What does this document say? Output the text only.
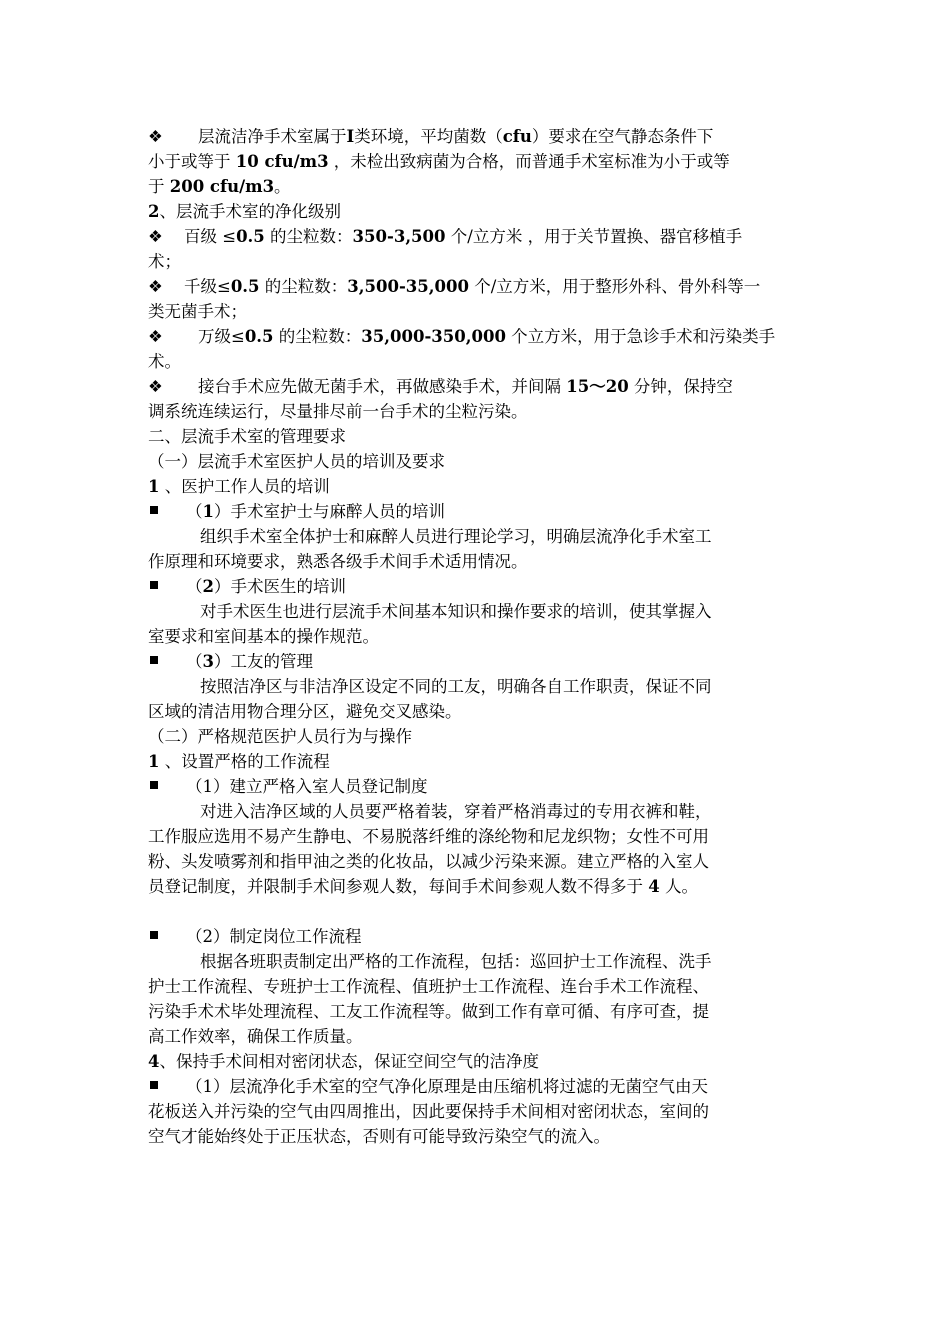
❖ 层流洁净手术室属于I类环境，平均菌数（cfu）要求在空气静态条件下

小于或等于 10 cfu/m3 ，未检出致病菌为合格，而普通手术室标准为小于或等

于 200 cfu/m3。

2、层流手术室的净化级别

❖ 百级 ≤0.5 的尘粒数：350-3,500 个/立方米 ，用于关节置换、器官移植手

术；

❖ 千级≤0.5 的尘粒数：3,500-35,000 个/立方米，用于整形外科、骨外科等一

类无菌手术；

❖ 万级≤0.5 的尘粒数：35,000-350,000 个立方米，用于急诊手术和污染类手

术。

❖ 接台手术应先做无菌手术，再做感染手术，并间隔 15～20 分钟，保持空

调系统连续运行，尽量排尽前一台手术的尘粒污染。

二、层流手术室的管理要求

（一）层流手术室医护人员的培训及要求

1 、医护工作人员的培训

（1）手术室护士与麻醉人员的培训

组织手术室全体护士和麻醉人员进行理论学习，明确层流净化手术室工

作原理和环境要求，熟悉各级手术间手术适用情况。

（2）手术医生的培训

对手术医生也进行层流手术间基本知识和操作要求的培训，使其掌握入

室要求和室间基本的操作规范。

（3）工友的管理

按照洁净区与非洁净区设定不同的工友，明确各自工作职责，保证不同

区域的清洁用物合理分区，避免交叉感染。

（二）严格规范医护人员行为与操作

1 、设置严格的工作流程

（1）建立严格入室人员登记制度

对进入洁净区域的人员要严格着装，穿着严格消毒过的专用衣裤和鞋，

工作服应选用不易产生静电、不易脱落纤维的涤纶物和尼龙织物；女性不可用

粉、头发喷雾剂和指甲油之类的化妆品，以减少污染来源。建立严格的入室人

员登记制度，并限制手术间参观人数，每间手术间参观人数不得多于 4 人。

（2）制定岗位工作流程

根据各班职责制定出严格的工作流程，包括：巡回护士工作流程、洗手

护士工作流程、专班护士工作流程、值班护士工作流程、连台手术工作流程、

污染手术术毕处理流程、工友工作流程等。做到工作有章可循、有序可查，提

高工作效率，确保工作质量。

4、保持手术间相对密闭状态，保证空间空气的洁净度

（1）层流净化手术室的空气净化原理是由压缩机将过滤的无菌空气由天

花板送入并污染的空气由四周推出，因此要保持手术间相对密闭状态，室间的

空气才能始终处于正压状态，否则有可能导致污染空气的流入。
